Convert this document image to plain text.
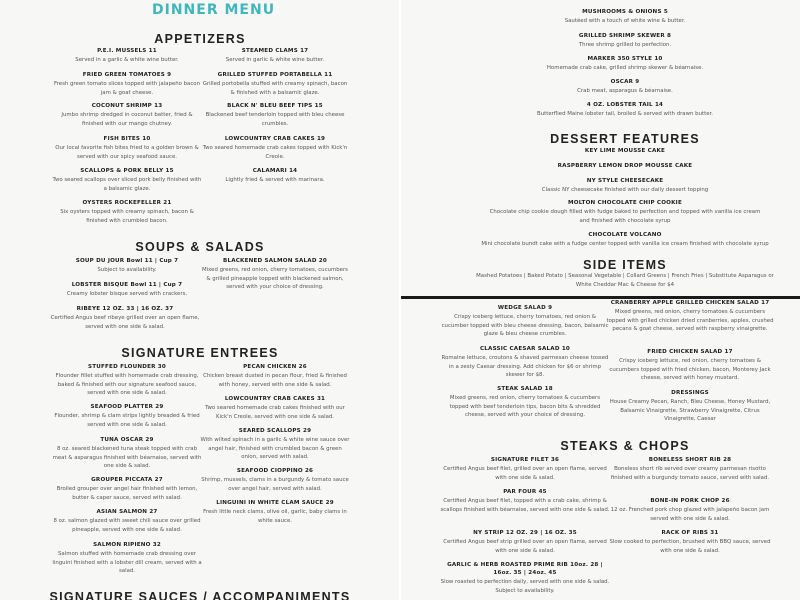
DINNER MENU
APPETIZERS
P.E.I. MUSSELS 11
Served in a garlic & white wine butter.
FRIED GREEN TOMATOES 9
Fresh green tomato slices topped with jalapeño bacon jam & goat cheese.
COCONUT SHRIMP 13
Jumbo shrimp dredged in coconut batter, fried & finished with our mango chutney.
FISH BITES 10
Our local favorite fish bites fried to a golden brown & served with our spicy seafood sauce.
SCALLOPS & PORK BELLY 15
Two seared scallops over sliced pork belly finished with a balsamic glaze.
OYSTERS ROCKEFELLER 21
Six oysters topped with creamy spinach, bacon & finished with crumbled bacon.
STEAMED CLAMS 17
Served in garlic & white wine butter.
GRILLED STUFFED PORTABELLA 11
Grilled portobella stuffed with creamy spinach, bacon & finished with a balsamic glaze.
BLACK N' BLEU BEEF TIPS 15
Blackened beef tenderloin topped with bleu cheese crumbles.
LOWCOUNTRY CRAB CAKES 19
Two seared homemade crab cakes topped with Kick'n Creole.
CALAMARI 14
Lightly fried & served with marinara.
SOUPS & SALADS
SOUP DU JOUR Bowl 11 | Cup 7
Subject to availability.
LOBSTER BISQUE Bowl 11 | Cup 7
Creamy lobster bisque served with crackers.
BLACKENED SALMON SALAD 20
Mixed greens, red onion, cherry tomatoes, cucumbers & grilled pineapple topped with blackened salmon, served with your choice of dressing.
RIBEYE 12 OZ. 33 | 16 OZ. 37
Certified Angus beef ribeye grilled over an open flame, served with one side & salad.
SIGNATURE ENTREES
STUFFED FLOUNDER 30
Flounder fillet stuffed with homemade crab dressing, baked & finished with our signature seafood sauce, served with one side & salad.
SEAFOOD PLATTER 29
Flounder, shrimp & clam strips lightly breaded & fried served with one side & salad.
TUNA OSCAR 29
8 oz. seared blackened tuna steak topped with crab meat & asparagus finished with béarnaise, served with one side & salad.
GROUPER PICCATA 27
Broiled grouper over angel hair finished with lemon, butter & caper sauce, served with salad.
ASIAN SALMON 27
8 oz. salmon glazed with sweet chili sauce over grilled pineapple, served with one side & salad.
SALMON RIPIENO 32
Salmon stuffed with homemade crab dressing over linguini finished with a lobster dill cream, served with a salad.
PECAN CHICKEN 26
Chicken breast dusted in pecan flour, fried & finished with honey, served with one side & salad.
LOWCOUNTRY CRAB CAKES 31
Two seared homemade crab cakes finished with our Kick'n Creole, served with one side & salad.
SEARED SCALLOPS 29
With wilted spinach in a garlic & white wine sauce over angel hair, finished with crumbled bacon & green onion, served with salad.
SEAFOOD CIOPPINO 26
Shrimp, mussels, clams in a burgundy & tomato sauce over angel hair, served with salad.
LINGUINI IN WHITE CLAM SAUCE 29
Fresh little neck clams, olive oil, garlic, baby clams in white sauce.
SIGNATURE SAUCES / ACCOMPANIMENTS
MUSHROOMS & ONIONS 5
Sautéed with a touch of white wine & butter.
GRILLED SHRIMP SKEWER 8
Three shrimp grilled to perfection.
MARKER 350 STYLE 10
Homemade crab cake, grilled shrimp skewer & béarnaise.
OSCAR 9
Crab meat, asparagus & béarnaise.
4 OZ. LOBSTER TAIL 14
Butterflied Maine lobster tail, broiled & served with drawn butter.
DESSERT FEATURES
KEY LIME MOUSSE CAKE
RASPBERRY LEMON DROP MOUSSE CAKE
NY STYLE CHEESECAKE
Classic NY cheesecake finished with our daily dessert topping
MOLTON CHOCOLATE CHIP COOKIE
Chocolate chip cookie dough filled with fudge baked to perfection and topped with vanilla ice cream and finished with chocolate syrup
CHOCOLATE VOLCANO
Mini chocolate bundt cake with a fudge center topped with vanilla ice cream finished with chocolate syrup
SIDE ITEMS
Mashed Potatoes | Baked Potato | Seasonal Vegetable | Collard Greens | French Fries | Substitute Asparagus or White Cheddar Mac & Cheese for $4
WEDGE SALAD 9
Crispy iceberg lettuce, cherry tomatoes, red onion & cucumber topped with bleu cheese dressing, bacon, balsamic glaze & bleu cheese crumbles.
CLASSIC CAESAR SALAD 10
Romaine lettuce, croutons & shaved parmesan cheese tossed in a zesty Caesar dressing. Add chicken for $6 or shrimp skewer for $8.
STEAK SALAD 18
Mixed greens, red onion, cherry tomatoes & cucumbers topped with beef tenderloin tips, bacon bits & shredded cheese, served with your choice of dressing.
CRANBERRY APPLE GRILLED CHICKEN SALAD 17
Mixed greens, red onion, cherry tomatoes & cucumbers topped with grilled chicken dried cranberries, apples, crushed pecans & goat cheese, served with raspberry vinaigrette.
FRIED CHICKEN SALAD 17
Crispy iceberg lettuce, red onion, cherry tomatoes & cucumbers topped with fried chicken, bacon, Monterey Jack cheese, served with honey mustard.
DRESSINGS
House Creamy Pecan, Ranch, Bleu Cheese, Honey Mustard, Balsamic Vinaigrette, Strawberry Vinaigrette, Citrus Vinaigrette, Caesar
STEAKS & CHOPS
SIGNATURE FILET 36
Certified Angus beef filet, grilled over an open flame, served with one side & salad.
PAR FOUR 45
Certified Angus beef filet, topped with a crab cake, shrimp & scallops finished with béarnaise, served with one side & salad.
NY STRIP 12 OZ. 29 | 16 OZ. 35
Certified Angus beef strip grilled over an open flame, served with one side & salad.
GARLIC & HERB ROASTED PRIME RIB 10oz. 28 | 16oz. 35 | 24oz. 45
Slow roasted to perfection daily, served with one side & salad. Subject to availability.
BONELESS SHORT RIB 28
Boneless short rib served over creamy parmesan risotto finished with a burgundy tomato sauce, served with salad.
BONE-IN PORK CHOP 26
12 oz. Frenched pork chop glazed with jalapeño bacon jam served with one side & salad.
RACK OF RIBS 31
Slow cooked to perfection, brushed with BBQ sauce, served with one side & salad.
